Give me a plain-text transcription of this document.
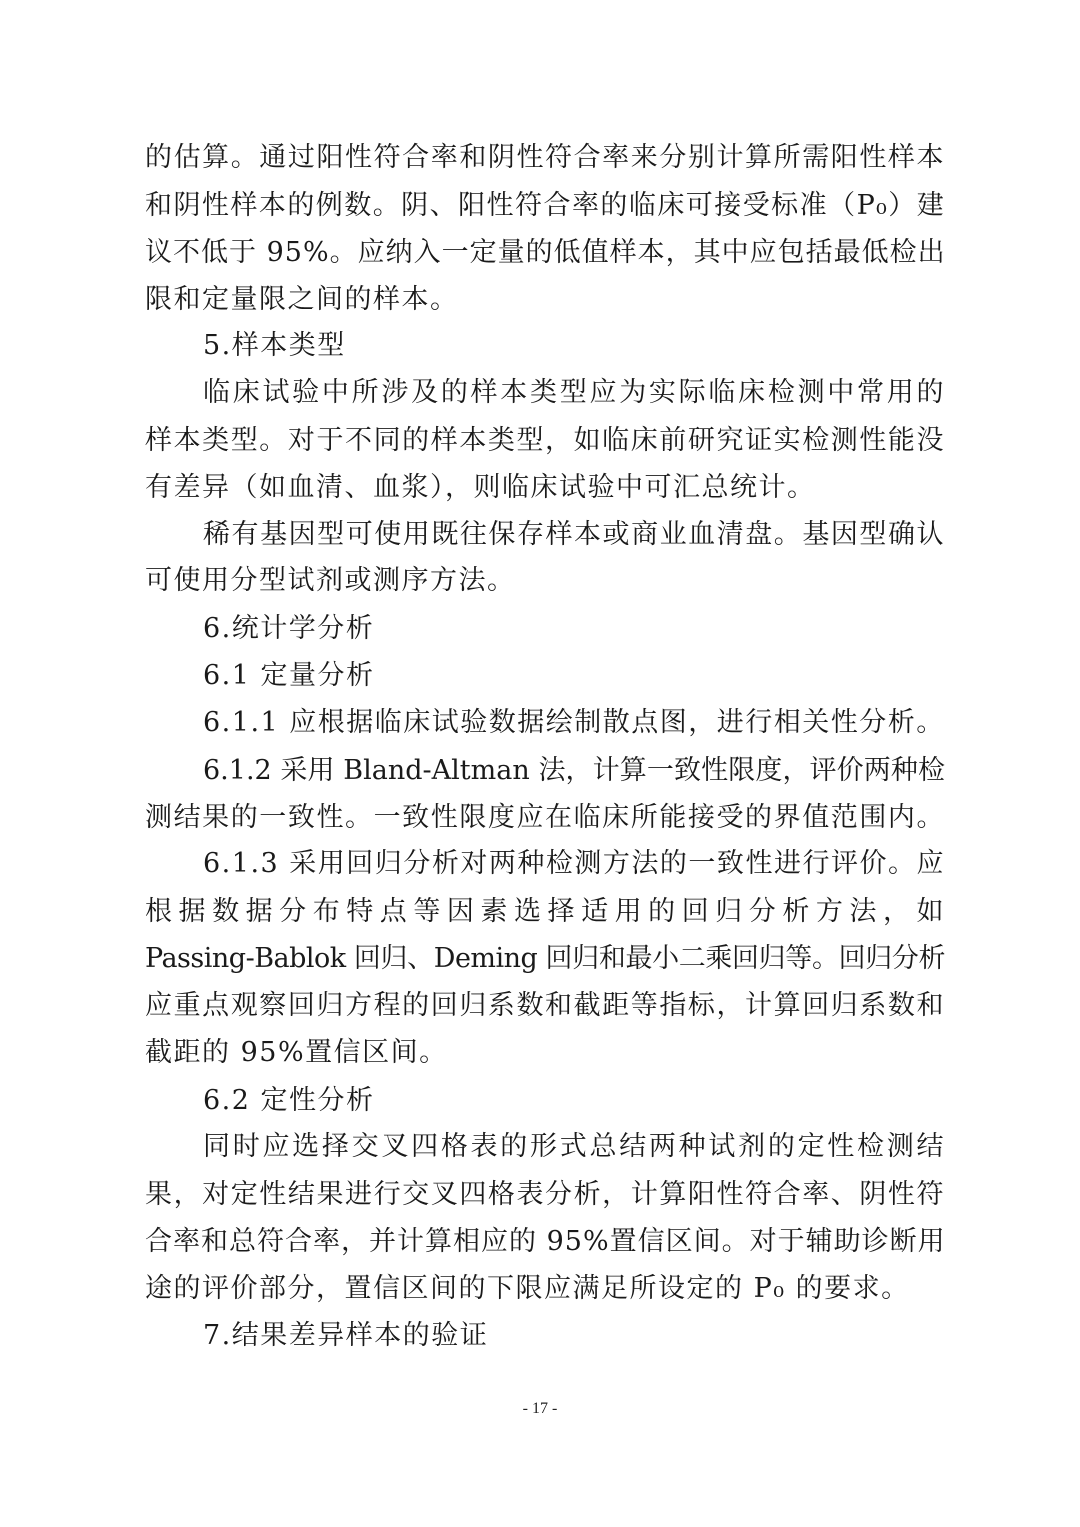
的估算。通过阳性符合率和阴性符合率来分别计算所需阳性样本
和阴性样本的例数。阴、阳性符合率的临床可接受标准（P₀）建
议不低于 95%。应纳入一定量的低值样本，其中应包括最低检出
限和定量限之间的样本。
5.样本类型
临床试验中所涉及的样本类型应为实际临床检测中常用的
样本类型。对于不同的样本类型，如临床前研究证实检测性能没
有差异（如血清、血浆），则临床试验中可汇总统计。
稀有基因型可使用既往保存样本或商业血清盘。基因型确认
可使用分型试剂或测序方法。
6.统计学分析
6.1 定量分析
6.1.1 应根据临床试验数据绘制散点图，进行相关性分析。
6.1.2 采用 Bland-Altman 法，计算一致性限度，评价两种检
测结果的一致性。一致性限度应在临床所能接受的界值范围内。
6.1.3 采用回归分析对两种检测方法的一致性进行评价。应
根据数据分布特点等因素选择适用的回归分析方法，如
Passing-Bablok 回归、Deming 回归和最小二乘回归等。回归分析
应重点观察回归方程的回归系数和截距等指标，计算回归系数和
截距的 95%置信区间。
6.2 定性分析
同时应选择交叉四格表的形式总结两种试剂的定性检测结
果，对定性结果进行交叉四格表分析，计算阳性符合率、阴性符
合率和总符合率，并计算相应的 95%置信区间。对于辅助诊断用
途的评价部分，置信区间的下限应满足所设定的 P₀ 的要求。
7.结果差异样本的验证
- 17 -
